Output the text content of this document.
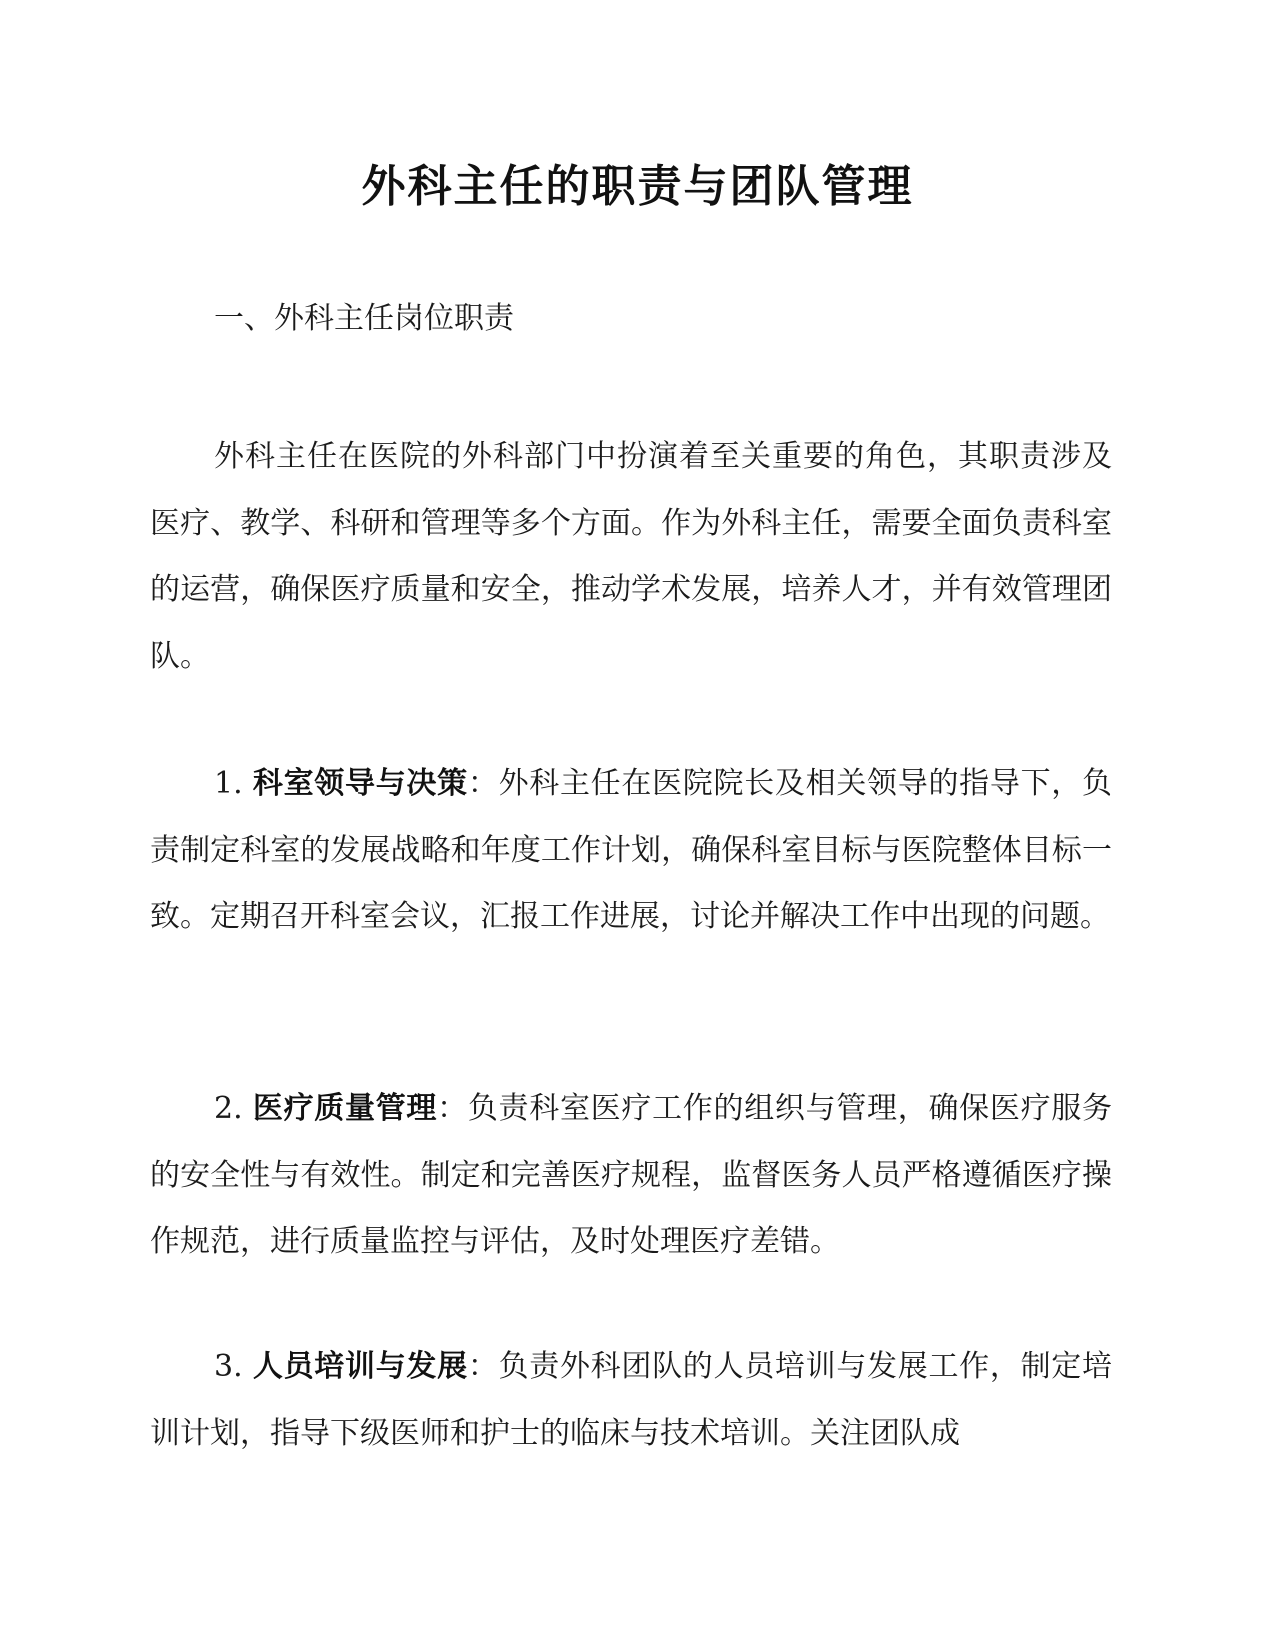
外科主任的职责与团队管理
一、外科主任岗位职责

外科主任在医院的外科部门中扮演着至关重要的角色，其职责涉及医疗、教学、科研和管理等多个方面。作为外科主任，需要全面负责科室的运营，确保医疗质量和安全，推动学术发展，培养人才，并有效管理团队。

1. 科室领导与决策：外科主任在医院院长及相关领导的指导下，负责制定科室的发展战略和年度工作计划，确保科室目标与医院整体目标一致。定期召开科室会议，汇报工作进展，讨论并解决工作中出现的问题。

2. 医疗质量管理：负责科室医疗工作的组织与管理，确保医疗服务的安全性与有效性。制定和完善医疗规程，监督医务人员严格遵循医疗操作规范，进行质量监控与评估，及时处理医疗差错。

3. 人员培训与发展：负责外科团队的人员培训与发展工作，制定培训计划，指导下级医师和护士的临床与技术培训。关注团队成
